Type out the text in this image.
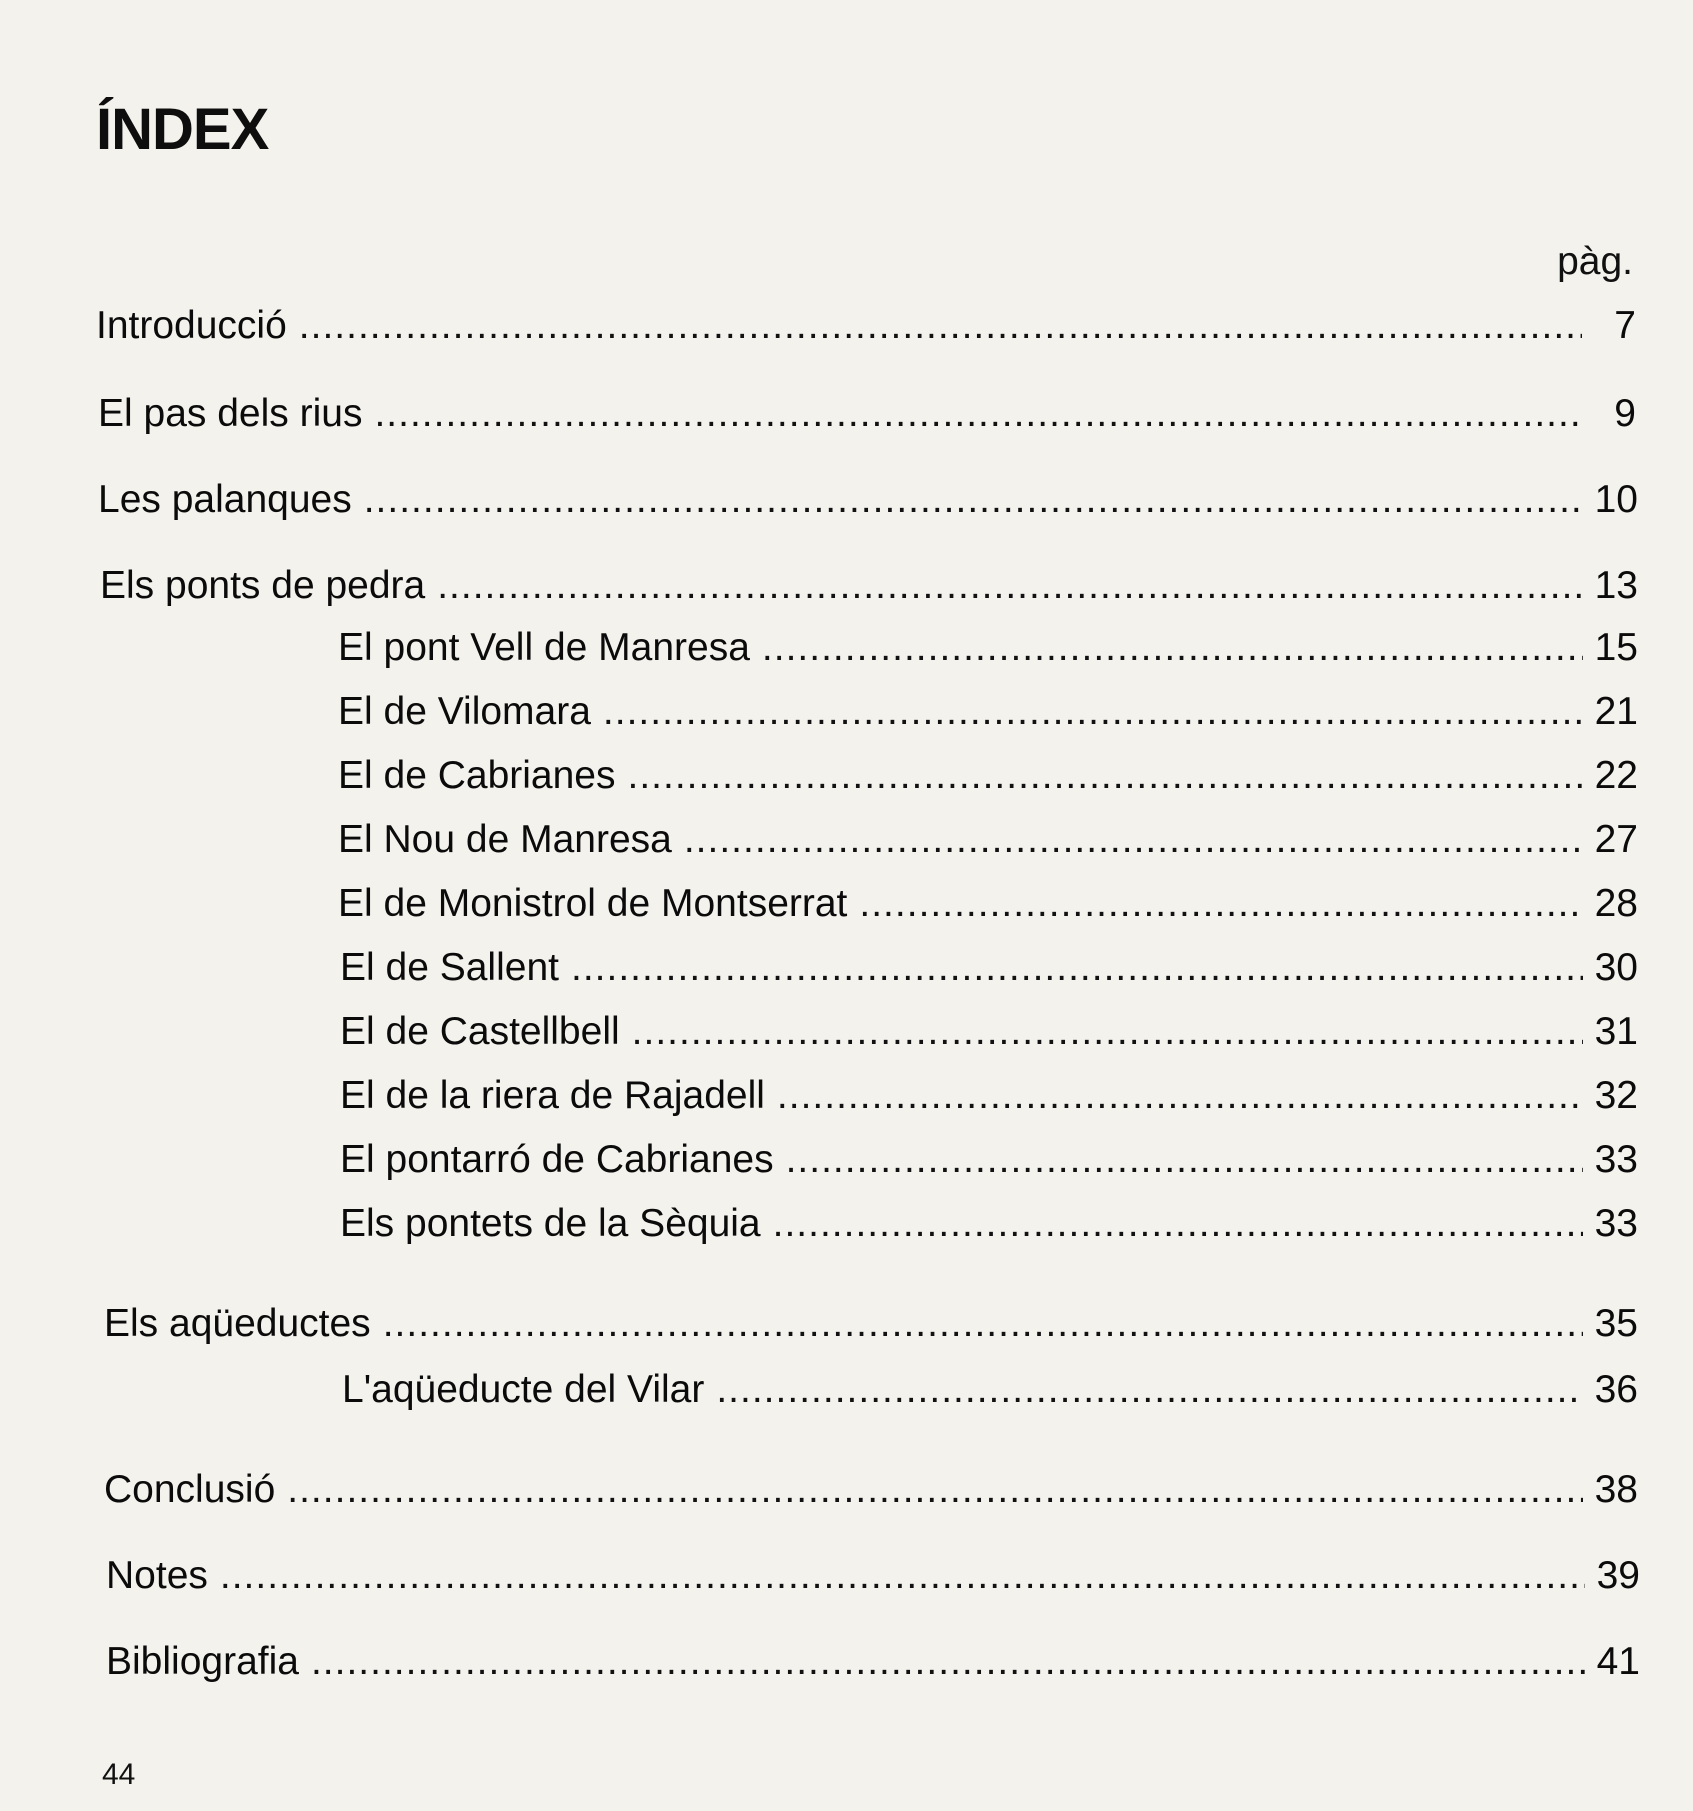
ÍNDEX
pàg.
Introducció .....	7
El pas dels rius .....	9
Les palanques .....	10
Els ponts de pedra .....	13
El pont Vell de Manresa .....	15
El de Vilomara .....	21
El de Cabrianes .....	22
El Nou de Manresa .....	27
El de Monistrol de Montserrat .....	28
El de Sallent .....	30
El de Castellbell .....	31
El de la riera de Rajadell .....	32
El pontarró de Cabrianes .....	33
Els pontets de la Sèquia .....	33
Els aqüeductes .....	35
L'aqüeducte del Vilar .....	36
Conclusió .....	38
Notes .....	39
Bibliografia .....	41
44
